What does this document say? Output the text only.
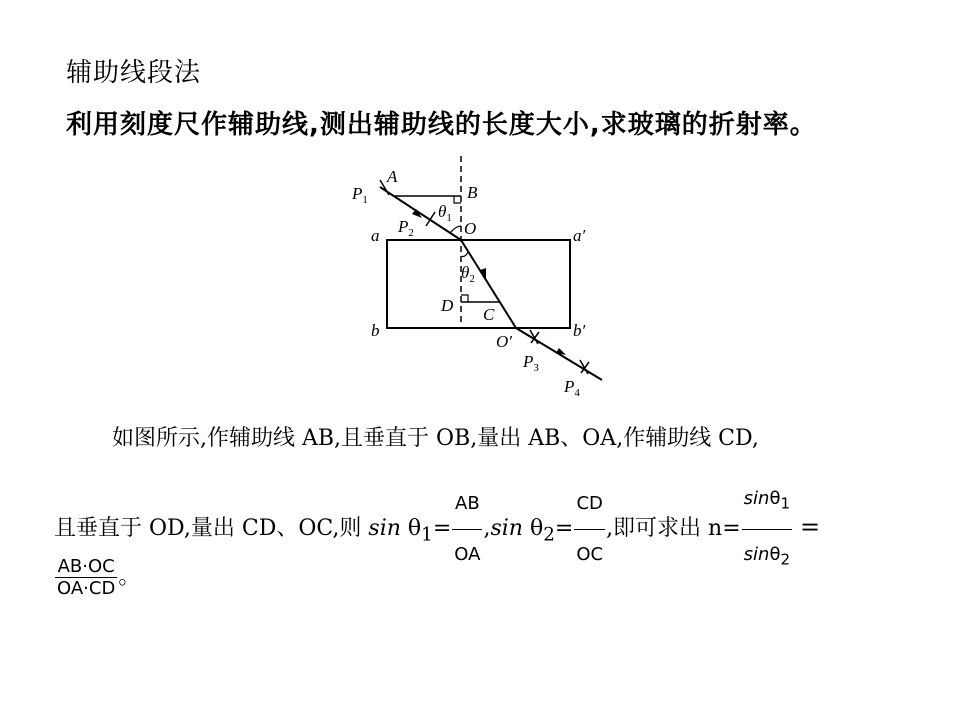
辅助线段法
利用刻度尺作辅助线,测出辅助线的长度大小,求玻璃的折射率。
$P_1$
A
B
$\theta_1$
$P_2$	O
a	a′
$\theta_2$
D C
b	b′
O′
$P_3$
$P_4$
如图所示,作辅助线 AB,且垂直于 OB,量出 AB、OA,作辅助线 CD,
且垂直于 OD,量出 CD、OC,则 $\sin \theta_1= \frac{AB}{OA} ,\sin$ $\theta_2= \frac{CD}{OC}$ ,即可求出 $n= \frac{\sin\theta_1}{\sin\theta_2}$ =
$\frac{AB\cdot OC}{OA\cdot CD}$ 。
